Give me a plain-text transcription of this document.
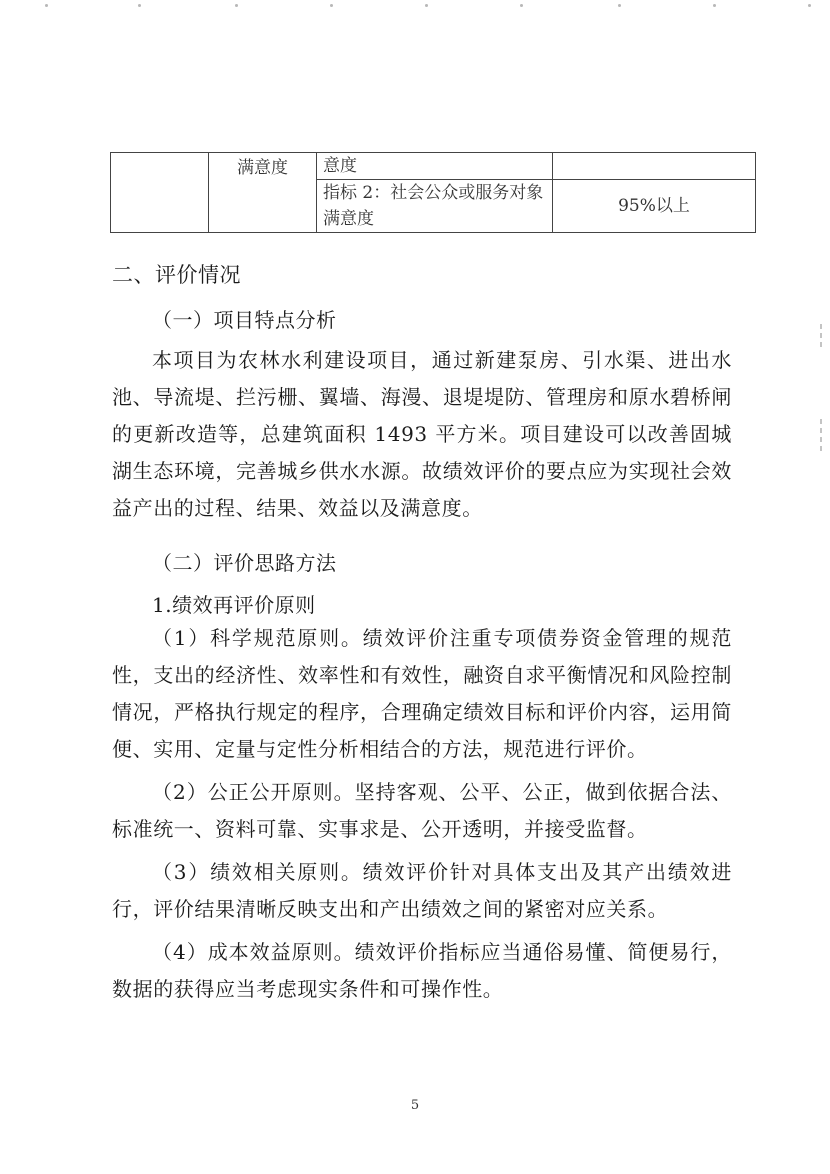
	满意度	意度	
		指标 2：社会公众或服务对象满意度	95%以上
二、评价情况
（一）项目特点分析

本项目为农林水利建设项目，通过新建泵房、引水渠、进出水池、导流堤、拦污栅、翼墙、海漫、退堤堤防、管理房和原水碧桥闸的更新改造等，总建筑面积 1493 平方米。项目建设可以改善固城湖生态环境，完善城乡供水水源。故绩效评价的要点应为实现社会效益产出的过程、结果、效益以及满意度。

（二）评价思路方法
1.绩效再评价原则

（1）科学规范原则。绩效评价注重专项债券资金管理的规范性，支出的经济性、效率性和有效性，融资自求平衡情况和风险控制情况，严格执行规定的程序，合理确定绩效目标和评价内容，运用简便、实用、定量与定性分析相结合的方法，规范进行评价。

（2）公正公开原则。坚持客观、公平、公正，做到依据合法、标准统一、资料可靠、实事求是、公开透明，并接受监督。

（3）绩效相关原则。绩效评价针对具体支出及其产出绩效进行，评价结果清晰反映支出和产出绩效之间的紧密对应关系。

（4）成本效益原则。绩效评价指标应当通俗易懂、简便易行，数据的获得应当考虑现实条件和可操作性。

5
